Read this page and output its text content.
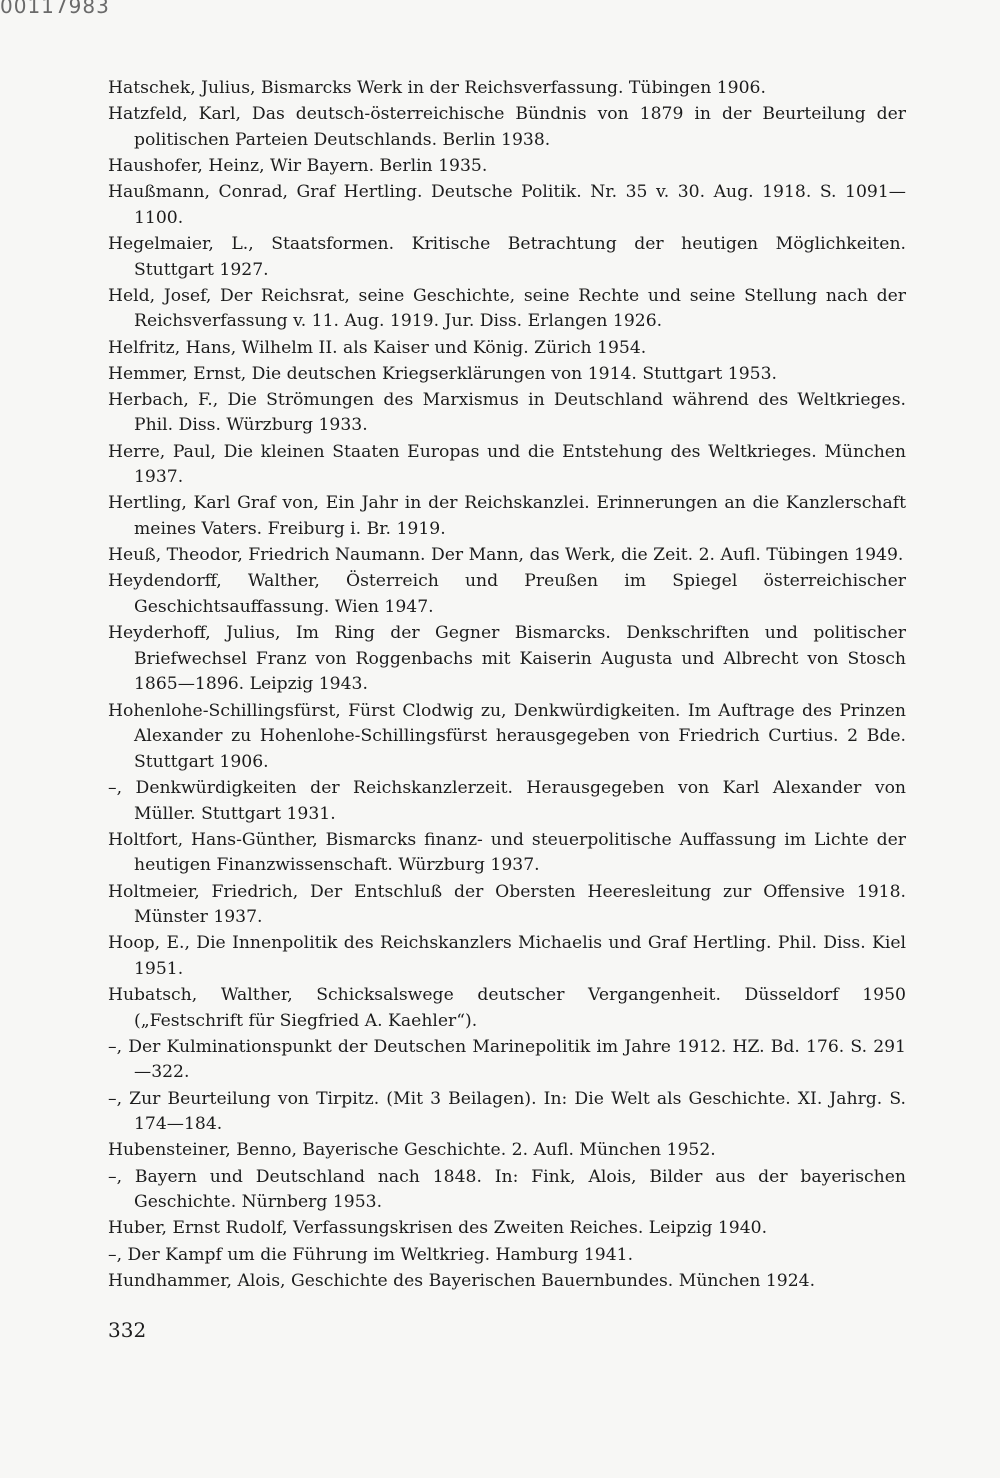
00117983
Hatschek, Julius, Bismarcks Werk in der Reichsverfassung. Tübingen 1906.
Hatzfeld, Karl, Das deutsch-österreichische Bündnis von 1879 in der Beurteilung der politischen Parteien Deutschlands. Berlin 1938.
Haushofer, Heinz, Wir Bayern. Berlin 1935.
Haußmann, Conrad, Graf Hertling. Deutsche Politik. Nr. 35 v. 30. Aug. 1918. S. 1091—1100.
Hegelmaier, L., Staatsformen. Kritische Betrachtung der heutigen Möglichkeiten. Stuttgart 1927.
Held, Josef, Der Reichsrat, seine Geschichte, seine Rechte und seine Stellung nach der Reichsverfassung v. 11. Aug. 1919. Jur. Diss. Erlangen 1926.
Helfritz, Hans, Wilhelm II. als Kaiser und König. Zürich 1954.
Hemmer, Ernst, Die deutschen Kriegserklärungen von 1914. Stuttgart 1953.
Herbach, F., Die Strömungen des Marxismus in Deutschland während des Weltkrieges. Phil. Diss. Würzburg 1933.
Herre, Paul, Die kleinen Staaten Europas und die Entstehung des Weltkrieges. München 1937.
Hertling, Karl Graf von, Ein Jahr in der Reichskanzlei. Erinnerungen an die Kanzlerschaft meines Vaters. Freiburg i. Br. 1919.
Heuß, Theodor, Friedrich Naumann. Der Mann, das Werk, die Zeit. 2. Aufl. Tübingen 1949.
Heydendorff, Walther, Österreich und Preußen im Spiegel österreichischer Geschichtsauffassung. Wien 1947.
Heyderhoff, Julius, Im Ring der Gegner Bismarcks. Denkschriften und politischer Briefwechsel Franz von Roggenbachs mit Kaiserin Augusta und Albrecht von Stosch 1865—1896. Leipzig 1943.
Hohenlohe-Schillingsfürst, Fürst Clodwig zu, Denkwürdigkeiten. Im Auftrage des Prinzen Alexander zu Hohenlohe-Schillingsfürst herausgegeben von Friedrich Curtius. 2 Bde. Stuttgart 1906.
–, Denkwürdigkeiten der Reichskanzlerzeit. Herausgegeben von Karl Alexander von Müller. Stuttgart 1931.
Holtfort, Hans-Günther, Bismarcks finanz- und steuerpolitische Auffassung im Lichte der heutigen Finanzwissenschaft. Würzburg 1937.
Holtmeier, Friedrich, Der Entschluß der Obersten Heeresleitung zur Offensive 1918. Münster 1937.
Hoop, E., Die Innenpolitik des Reichskanzlers Michaelis und Graf Hertling. Phil. Diss. Kiel 1951.
Hubatsch, Walther, Schicksalswege deutscher Vergangenheit. Düsseldorf 1950 („Festschrift für Siegfried A. Kaehler“).
–, Der Kulminationspunkt der Deutschen Marinepolitik im Jahre 1912. HZ. Bd. 176. S. 291—322.
–, Zur Beurteilung von Tirpitz. (Mit 3 Beilagen). In: Die Welt als Geschichte. XI. Jahrg. S. 174—184.
Hubensteiner, Benno, Bayerische Geschichte. 2. Aufl. München 1952.
–, Bayern und Deutschland nach 1848. In: Fink, Alois, Bilder aus der bayerischen Geschichte. Nürnberg 1953.
Huber, Ernst Rudolf, Verfassungskrisen des Zweiten Reiches. Leipzig 1940.
–, Der Kampf um die Führung im Weltkrieg. Hamburg 1941.
Hundhammer, Alois, Geschichte des Bayerischen Bauernbundes. München 1924.
332
